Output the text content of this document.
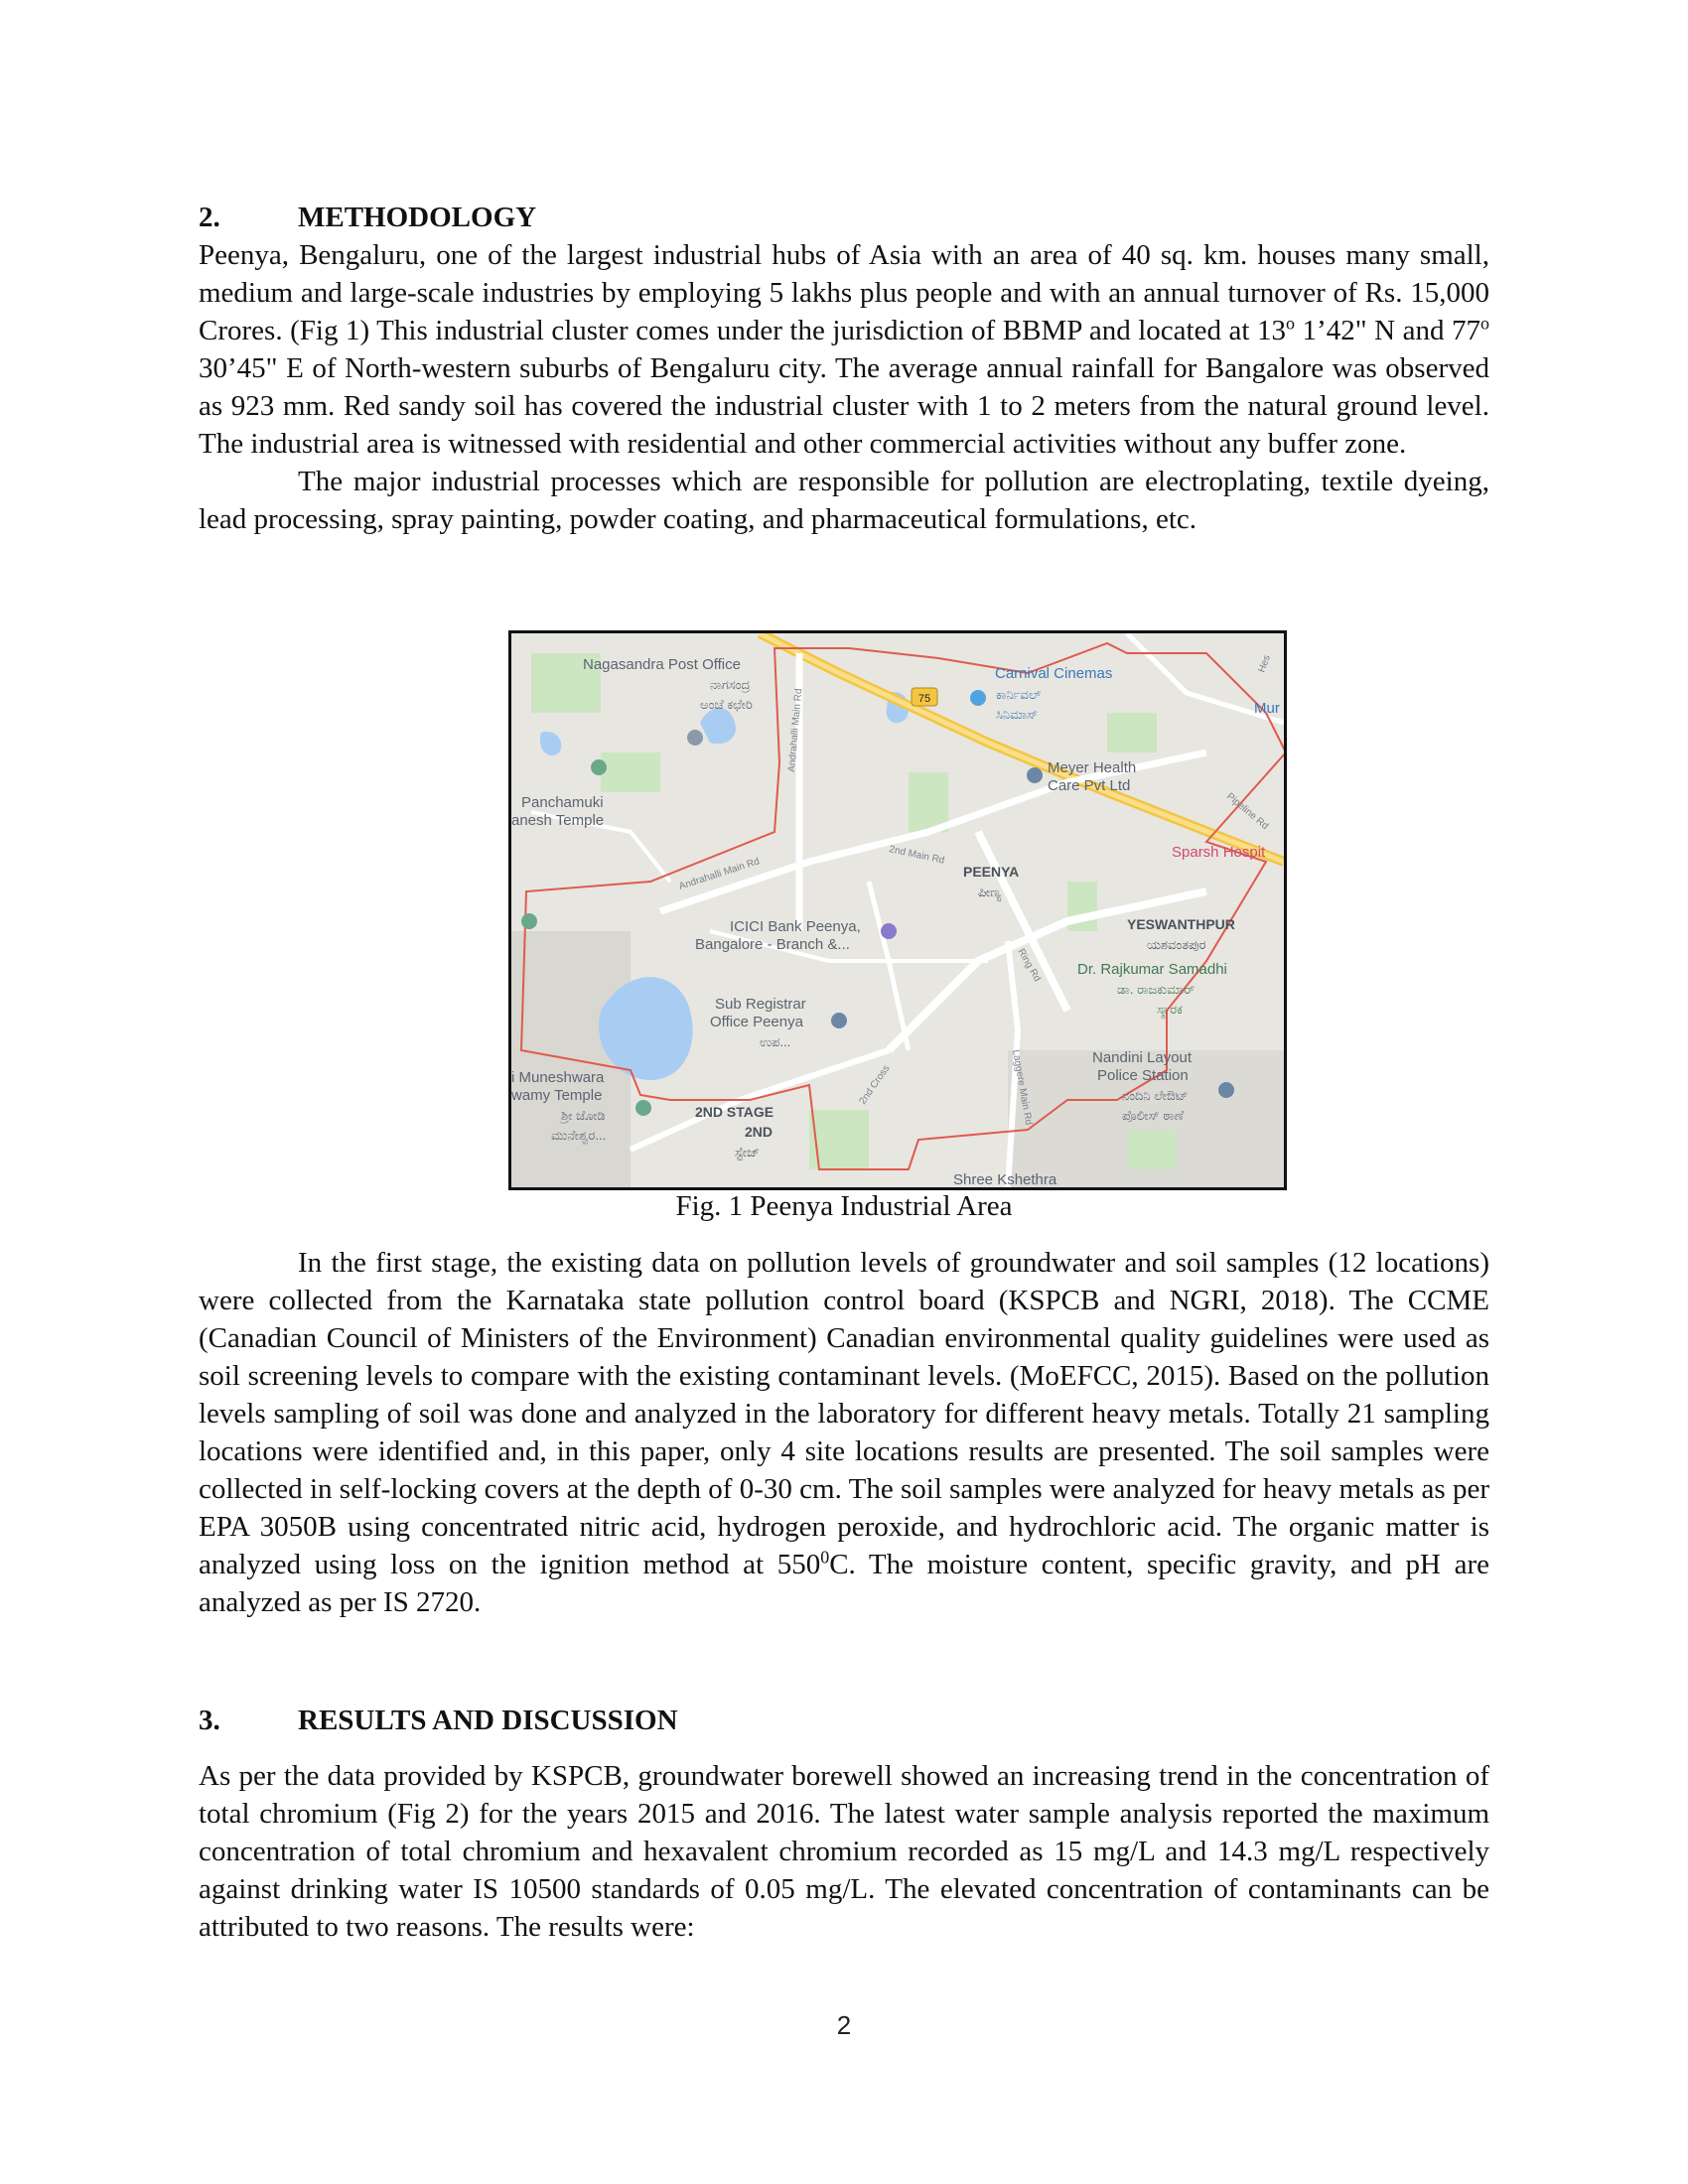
2.	METHODOLOGY

Peenya, Bengaluru, one of the largest industrial hubs of Asia with an area of 40 sq. km. houses many small, medium and large-scale industries by employing 5 lakhs plus people and with an annual turnover of Rs. 15,000 Crores. (Fig 1) This industrial cluster comes under the jurisdiction of BBMP and located at 13$^o$ 1’42" N and 77$^o$ 30’45" E of North-western suburbs of Bengaluru city. The average annual rainfall for Bangalore was observed as 923 mm. Red sandy soil has covered the industrial cluster with 1 to 2 meters from the natural ground level. The industrial area is witnessed with residential and other commercial activities without any buffer zone.

The major industrial processes which are responsible for pollution are electroplating, textile dyeing, lead processing, spray painting, powder coating, and pharmaceutical formulations, etc.

75
Nagasandra Post Office
ನಾಗಸಂದ್ರ
ಅಂಚೆ ಕಛೇರಿ
Carnival Cinemas
ಕಾರ್ನಿವಲ್
ಸಿನಿಮಾಸ್	Mur
Meyer Health
Care Pvt Ltd
Panchamuki
anesh Temple
Sparsh Hospit
PEENYA
ಪೀಣ್ಯ
ICICI Bank Peenya,
Bangalore - Branch &...
YESWANTHPUR
ಯಶವಂತಪುರ
Dr. Rajkumar Samadhi
ಡಾ. ರಾಜಕುಮಾರ್
ಸ್ಮಾರಕ
Sub Registrar
Office Peenya
ಉಪ...
Nandini Layout
Police Station
ನಂದಿನಿ ಲೇಔಟ್
ಪೊಲೀಸ್ ಠಾಣೆ
i Muneshwara
wamy Temple
ಶ್ರೀ ಜೋಡಿ
ಮುನೇಶ್ವರ...
2ND STAGE
2ND
ಸ್ಟೇಜ್
Shree Kshethra
Andrahalli Main Rd
Andrahalli Main Rd
2nd Main Rd
Ring Rd
Laggere Main Rd
2nd Cross
Pipeline Rd
Hes
Fig. 1 Peenya Industrial Area

In the first stage, the existing data on pollution levels of groundwater and soil samples (12 locations) were collected from the Karnataka state pollution control board (KSPCB and NGRI, 2018). The CCME (Canadian Council of Ministers of the Environment) Canadian environmental quality guidelines were used as soil screening levels to compare with the existing contaminant levels. (MoEFCC, 2015). Based on the pollution levels sampling of soil was done and analyzed in the laboratory for different heavy metals. Totally 21 sampling locations were identified and, in this paper, only 4 site locations results are presented. The soil samples were collected in self-locking covers at the depth of 0-30 cm. The soil samples were analyzed for heavy metals as per EPA 3050B using concentrated nitric acid, hydrogen peroxide, and hydrochloric acid. The organic matter is analyzed using loss on the ignition method at $550^0C$. The moisture content, specific gravity, and pH are analyzed as per IS 2720.

3.	RESULTS AND DISCUSSION

As per the data provided by KSPCB, groundwater borewell showed an increasing trend in the concentration of total chromium (Fig 2) for the years 2015 and 2016. The latest water sample analysis reported the maximum concentration of total chromium and hexavalent chromium recorded as 15 mg/L and 14.3 mg/L respectively against drinking water IS 10500 standards of 0.05 mg/L. The elevated concentration of contaminants can be attributed to two reasons. The results were:

2
